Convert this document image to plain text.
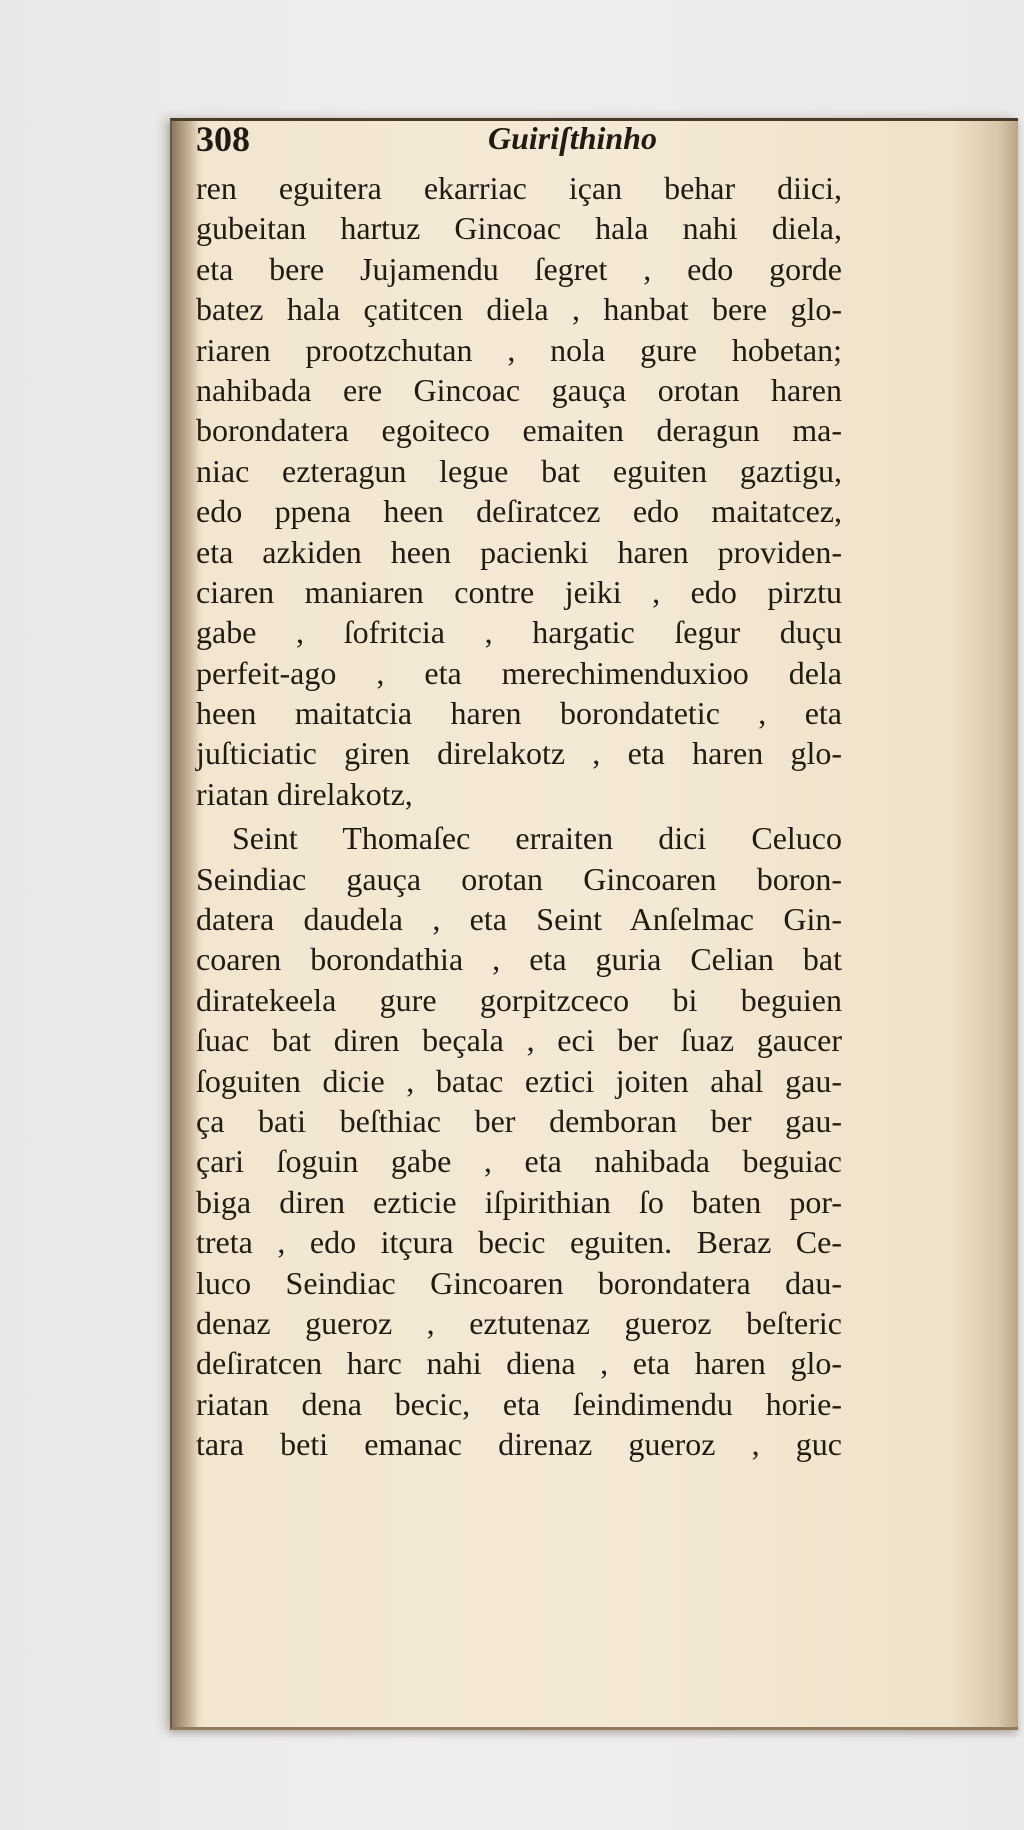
308	Guiriſthinho
ren eguitera ekarriac içan behar diici,
gubeitan hartuz Gincoac hala nahi diela,
eta bere Jujamendu ſegret , edo gorde
batez hala çatitcen diela , hanbat bere glo-
riaren prootzchutan , nola gure hobetan;
nahibada ere Gincoac gauça orotan haren
borondatera egoiteco emaiten deragun ma-
niac ezteragun legue bat eguiten gaztigu,
edo ppena heen deſiratcez edo maitatcez,
eta azkiden heen pacienki haren providen-
ciaren maniaren contre jeiki , edo pirztu
gabe , ſofritcia , hargatic ſegur duçu
perfeit-ago , eta merechimenduxioo dela
heen maitatcia haren borondatetic , eta
juſticiatic giren direlakotz , eta haren glo-
riatan direlakotz,
Seint Thomaſec erraiten dici Celuco
Seindiac gauça orotan Gincoaren boron-
datera daudela , eta Seint Anſelmac Gin-
coaren borondathia , eta guria Celian bat
diratekeela gure gorpitzceco bi beguien
ſuac bat diren beçala , eci ber ſuaz gaucer
ſoguiten dicie , batac eztici joiten ahal gau-
ça bati beſthiac ber demboran ber gau-
çari ſoguin gabe , eta nahibada beguiac
biga diren ezticie iſpirithian ſo baten por-
treta , edo itçura becic eguiten. Beraz Ce-
luco Seindiac Gincoaren borondatera dau-
denaz gueroz , eztutenaz gueroz beſteric
deſiratcen harc nahi diena , eta haren glo-
riatan dena becic, eta ſeindimendu horie-
tara beti emanac direnaz gueroz , guc
